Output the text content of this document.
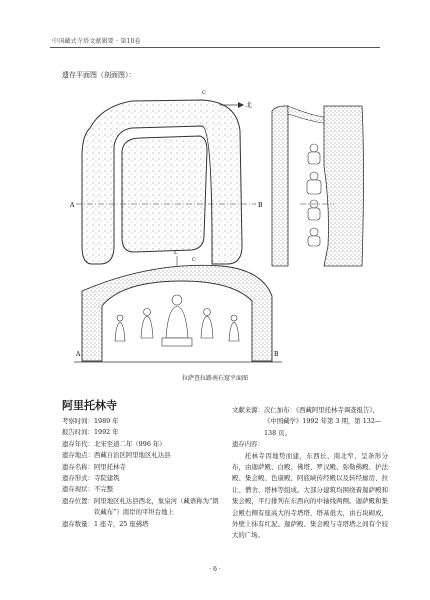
中国藏式寺塔文献辑要 · 第10卷
遗存平面图（剖面图）：
A	B
北
C
C
L
A	B
拉萨查拉路南石窟平面图
阿里托林寺
考察时间： 1989 年
报告时间： 1992 年
遗存年代： 北宋至道二年（996 年）
遗存地点： 西藏自治区阿里地区札达县
遗存名称： 阿里托林寺
遗存形式： 寺院建筑
遗存现状： 不完整
遗存位置： 阿里地区札达县西北，象泉河（藏语称为“朗钦藏布”）南岸的平坦台地上
遗存数量： 1 座寺，25 座佛塔
文献来源： 次仁加布：《西藏阿里托林寺调查报告》，《中国藏学》1992 年第 3 期，第 132—138 页。
遗存内容：
托林寺因地势而建，东西长、南北窄，呈条形分布，由迦萨殿、白殿、佛塔、罗汉殿、弥勒佛殿、护法殿、集会殿、色康殿、阿底峡传经殿以及转经廊房、拉让、僧舍、塔林等组成。大部分建筑均围绕着迦萨殿和集会殿，平行排列在东西向的中轴线两侧。迦萨殿和集会殿右侧有座高大的寺塔塔，塔基很大，由石块砌成，外壁上抹有红泥。迦萨殿、集会殿与寺塔塔之间有个较大的广场。
· 6 ·
